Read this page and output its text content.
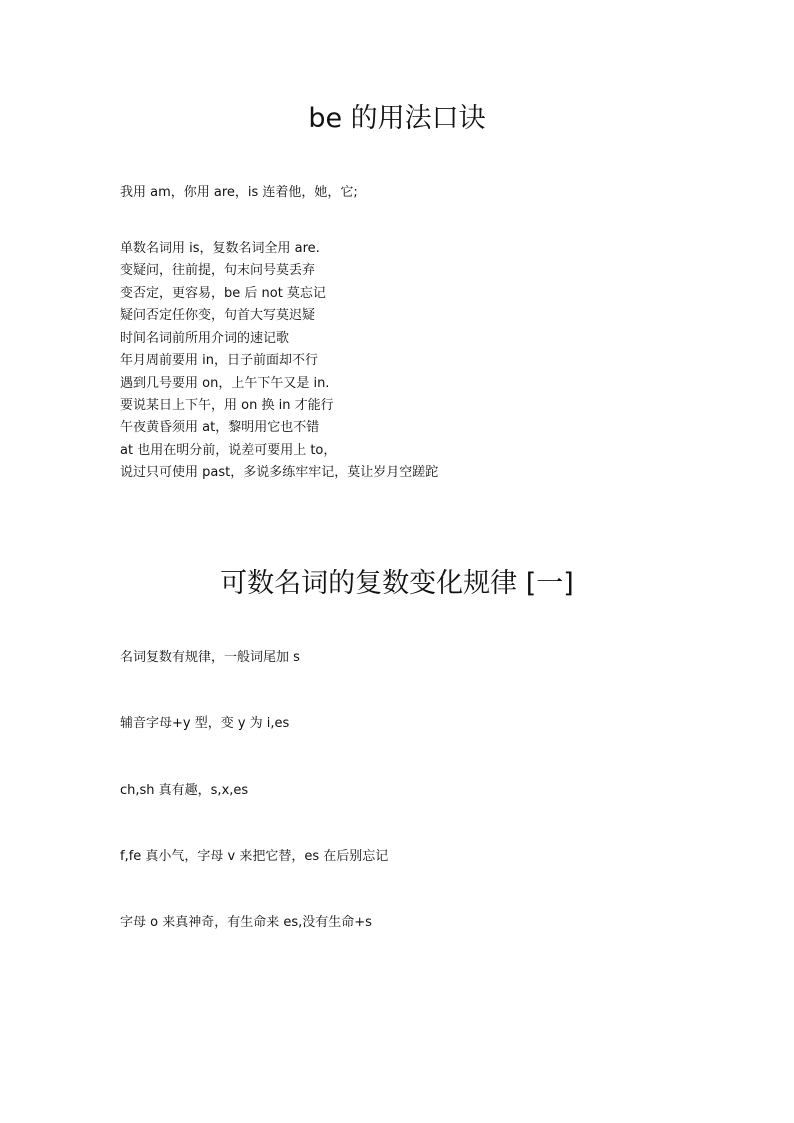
be 的用法口诀
我用 am，你用 are，is 连着他，她，它;
单数名词用 is，复数名词全用 are.
变疑问，往前提，句末问号莫丢弃
变否定，更容易，be 后 not 莫忘记
疑问否定任你变，句首大写莫迟疑
时间名词前所用介词的速记歌
年月周前要用 in，日子前面却不行
遇到几号要用 on，上午下午又是 in.
要说某日上下午，用 on 换 in 才能行
午夜黄昏须用 at，黎明用它也不错
at 也用在明分前，说差可要用上 to，
说过只可使用 past，多说多练牢牢记，莫让岁月空蹉跎
可数名词的复数变化规律 [一]
名词复数有规律，一般词尾加 s
辅音字母+y 型，变 y 为 i,es
ch,sh 真有趣，s,x,es
f,fe 真小气，字母 v 来把它替，es 在后别忘记
字母 o 来真神奇，有生命来 es,没有生命+s
